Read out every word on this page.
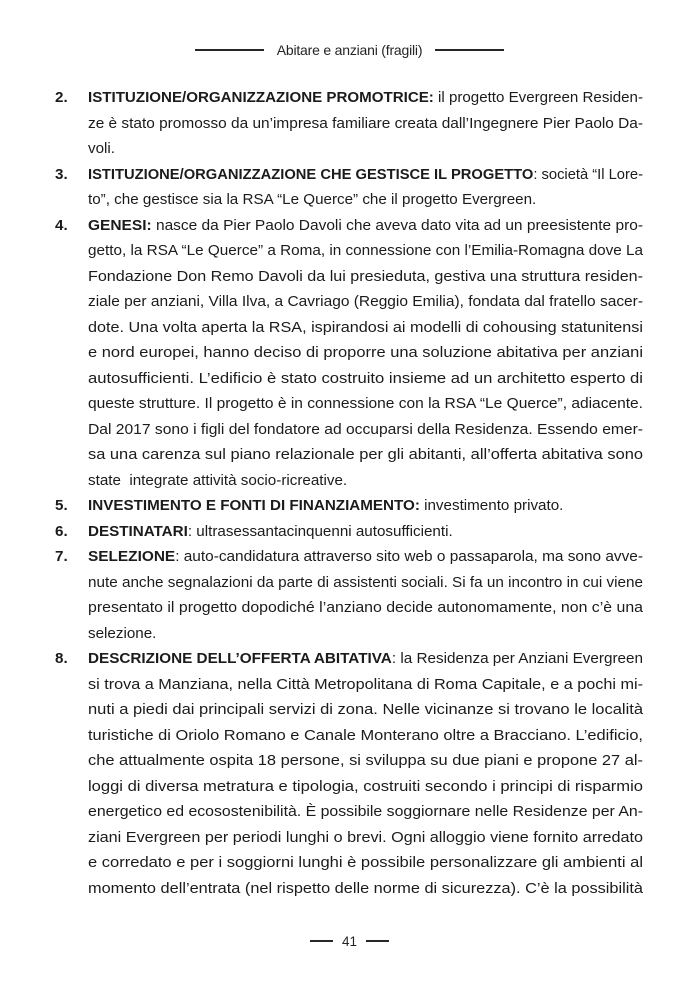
Abitare e anziani (fragili)
2. ISTITUZIONE/ORGANIZZAZIONE PROMOTRICE: il progetto Evergreen Residen-
ze è stato promosso da un’impresa familiare creata dall’Ingegnere Pier Paolo Da-
voli.
3. ISTITUZIONE/ORGANIZZAZIONE CHE GESTISCE IL PROGETTO: società “Il Lore-
to”, che gestisce sia la RSA “Le Querce” che il progetto Evergreen.
4. GENESI: nasce da Pier Paolo Davoli che aveva dato vita ad un preesistente pro-
getto, la RSA “Le Querce” a Roma, in connessione con l’Emilia-Romagna dove La
Fondazione Don Remo Davoli da lui presieduta, gestiva una struttura residen-
ziale per anziani, Villa Ilva, a Cavriago (Reggio Emilia), fondata dal fratello sacer-
dote. Una volta aperta la RSA, ispirandosi ai modelli di cohousing statunitensi
e nord europei, hanno deciso di proporre una soluzione abitativa per anziani
autosufficienti. L’edificio è stato costruito insieme ad un architetto esperto di
queste strutture. Il progetto è in connessione con la RSA “Le Querce”, adiacente.
Dal 2017 sono i figli del fondatore ad occuparsi della Residenza. Essendo emer-
sa una carenza sul piano relazionale per gli abitanti, all’offerta abitativa sono
state  integrate attività socio-ricreative.
5. INVESTIMENTO E FONTI DI FINANZIAMENTO: investimento privato.
6. DESTINATARI: ultrasessantacinquenni autosufficienti.
7. SELEZIONE: auto-candidatura attraverso sito web o passaparola, ma sono avve-
nute anche segnalazioni da parte di assistenti sociali. Si fa un incontro in cui viene
presentato il progetto dopodiché l’anziano decide autonomamente, non c’è una
selezione.
8. DESCRIZIONE DELL’OFFERTA ABITATIVA: la Residenza per Anziani Evergreen
si trova a Manziana, nella Città Metropolitana di Roma Capitale, e a pochi mi-
nuti a piedi dai principali servizi di zona. Nelle vicinanze si trovano le località
turistiche di Oriolo Romano e Canale Monterano oltre a Bracciano. L’edificio,
che attualmente ospita 18 persone, si sviluppa su due piani e propone 27 al-
loggi di diversa metratura e tipologia, costruiti secondo i principi di risparmio
energetico ed ecosostenibilità. È possibile soggiornare nelle Residenze per An-
ziani Evergreen per periodi lunghi o brevi. Ogni alloggio viene fornito arredato
e corredato e per i soggiorni lunghi è possibile personalizzare gli ambienti al
momento dell’entrata (nel rispetto delle norme di sicurezza). C’è la possibilità
41
